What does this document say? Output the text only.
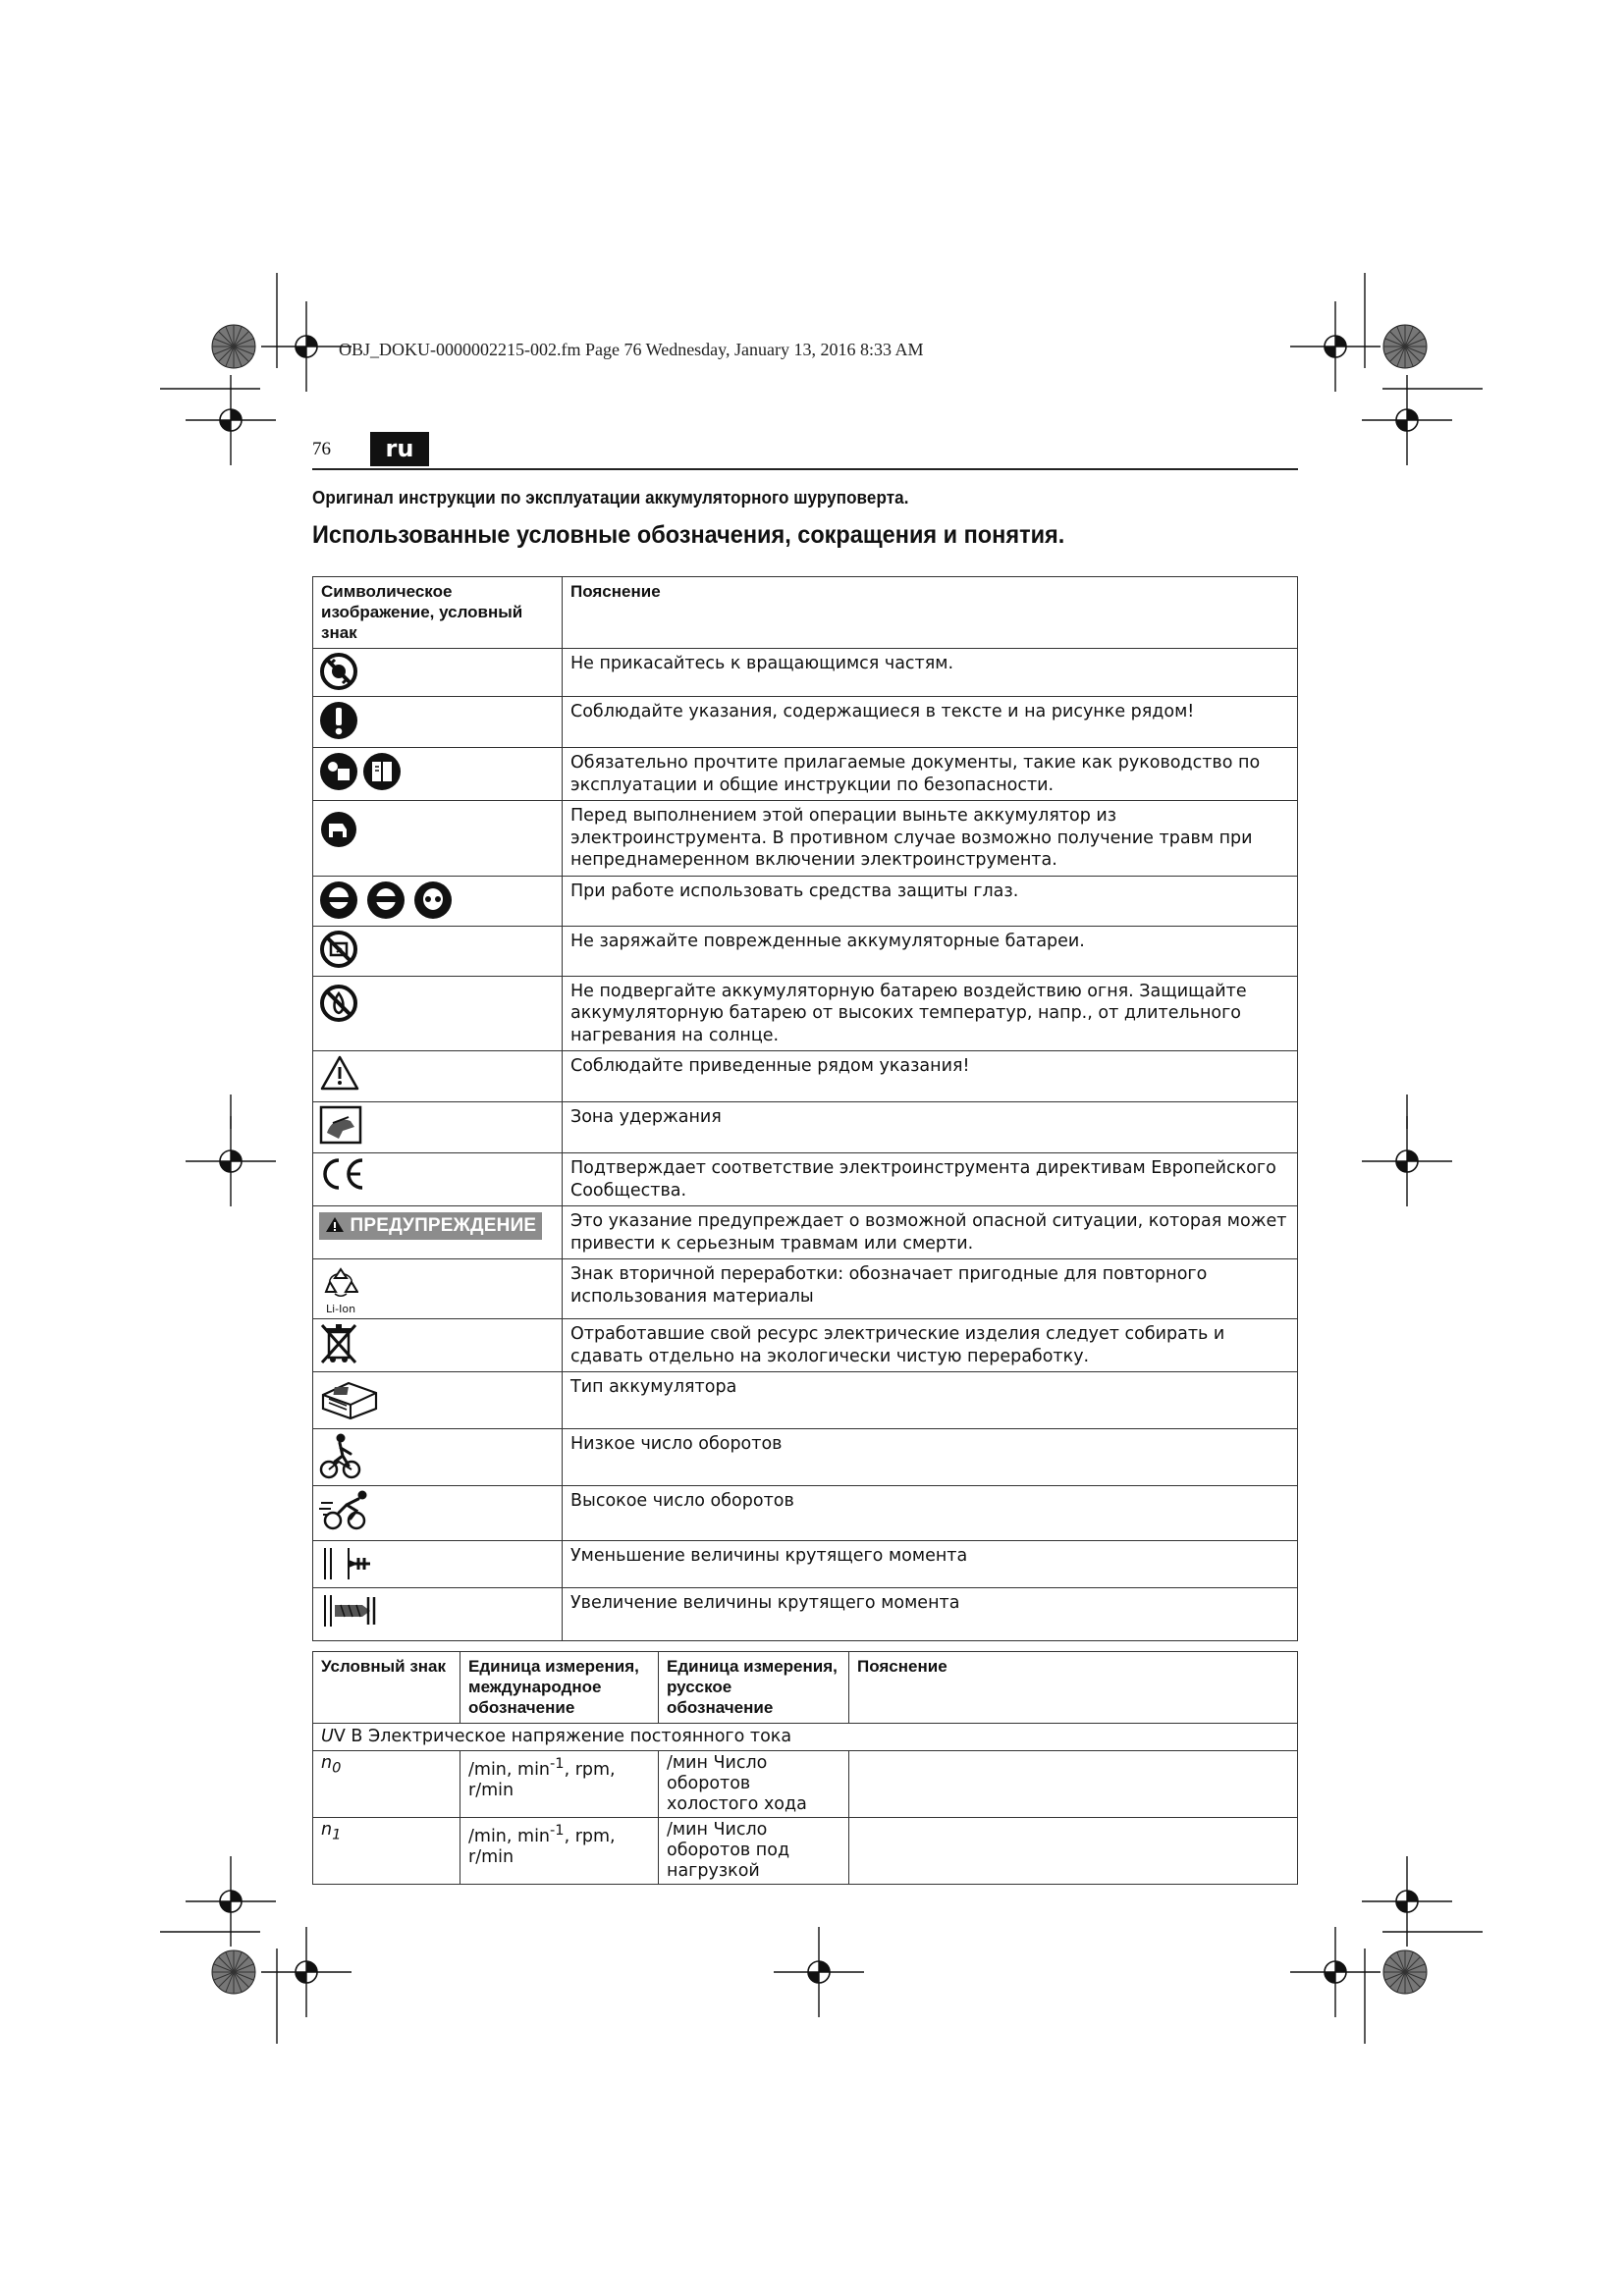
OBJ_DOKU-0000002215-002.fm Page 76 Wednesday, January 13, 2016 8:33 AM
76	ru
Оригинал инструкции по эксплуатации аккумуляторного шуруповерта.
Использованные условные обозначения, сокращения и понятия.
Символическое изображение, условный знак	Пояснение

	Не прикасайтесь к вращающимся частям.

	Соблюдайте указания, содержащиеся в тексте и на рисунке рядом!

	Обязательно прочтите прилагаемые документы, такие как руководство по эксплуатации и общие инструкции по безопасности.

	Перед выполнением этой операции выньте аккумулятор из электроинструмента. В противном случае возможно получение травм при непреднамеренном включении электроинструмента.

	При работе использовать средства защиты глаз.

	Не заряжайте поврежденные аккумуляторные батареи.

	Не подвергайте аккумуляторную батарею воздействию огня. Защищайте аккумуляторную батарею от высоких температур, напр., от длительного нагревания на солнце.

	Соблюдайте приведенные рядом указания!

	Зона удержания

	Подтверждает соответствие электроинструмента директивам Европейского Сообщества.
ПРЕДУПРЕЖДЕНИЕ	Это указание предупреждает о возможной опасной ситуации, которая может привести к серьезным травмам или смерти.

Li-Ion	Знак вторичной переработки: обозначает пригодные для повторного использования материалы

	Отработавшие свой ресурс электрические изделия следует собирать и сдавать отдельно на экологически чистую переработку.

	Тип аккумулятора

	Низкое число оборотов

	Высокое число оборотов

	Уменьшение величины крутящего момента

	Увеличение величины крутящего момента
Условный знак	Единица измерения, международное обозначение	Единица измерения, русское обозначение	Пояснение
UV В Электрическое напряжение постоянного тока			
$n_0$	/min, $\min^{-1}$, rpm, r/min	/мин Число оборотов холостого хода	
$n_1$	/min, $\min^{-1}$, rpm, r/min	/мин Число оборотов под нагрузкой	
